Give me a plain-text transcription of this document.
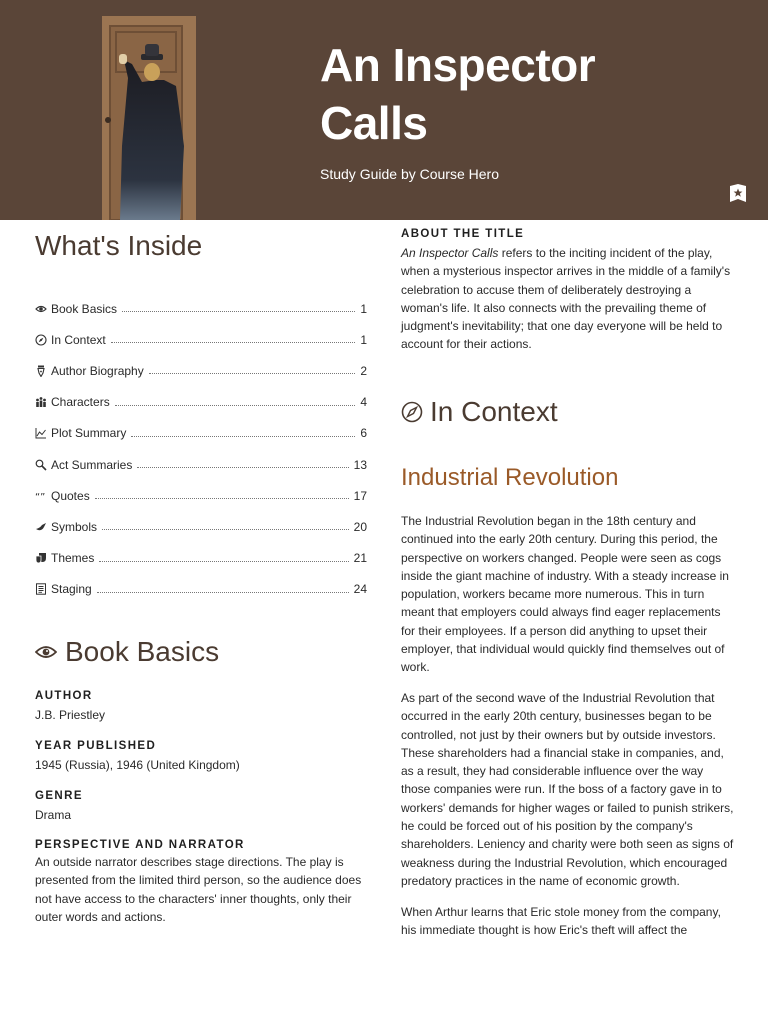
An Inspector
Calls
Study Guide by Course Hero
What's Inside
Book Basics	1
In Context	1
Author Biography	2
Characters	4
Plot Summary	6
Act Summaries	13
“” Quotes	17
Symbols	20
Themes	21
Staging	24
Book Basics
AUTHOR
J.B. Priestley
YEAR PUBLISHED
1945 (Russia), 1946 (United Kingdom)
GENRE
Drama
PERSPECTIVE AND NARRATOR
An outside narrator describes stage directions. The play is presented from the limited third person, so the audience does not have access to the characters' inner thoughts, only their outer words and actions.
ABOUT THE TITLE
An Inspector Calls refers to the inciting incident of the play, when a mysterious inspector arrives in the middle of a family's celebration to accuse them of deliberately destroying a woman's life. It also connects with the prevailing theme of judgment's inevitability; that one day everyone will be held to account for their actions.
In Context
Industrial Revolution
The Industrial Revolution began in the 18th century and continued into the early 20th century. During this period, the perspective on workers changed. People were seen as cogs inside the giant machine of industry. With a steady increase in population, workers became more numerous. This in turn meant that employers could always find eager replacements for their employees. If a person did anything to upset their employer, that individual would quickly find themselves out of work.
As part of the second wave of the Industrial Revolution that occurred in the early 20th century, businesses began to be controlled, not just by their owners but by outside investors. These shareholders had a financial stake in companies, and, as a result, they had considerable influence over the way those companies were run. If the boss of a factory gave in to workers' demands for higher wages or failed to punish strikers, he could be forced out of his position by the company's shareholders. Leniency and charity were both seen as signs of weakness during the Industrial Revolution, which encouraged predatory practices in the name of economic growth.
When Arthur learns that Eric stole money from the company, his immediate thought is how Eric's theft will affect the
